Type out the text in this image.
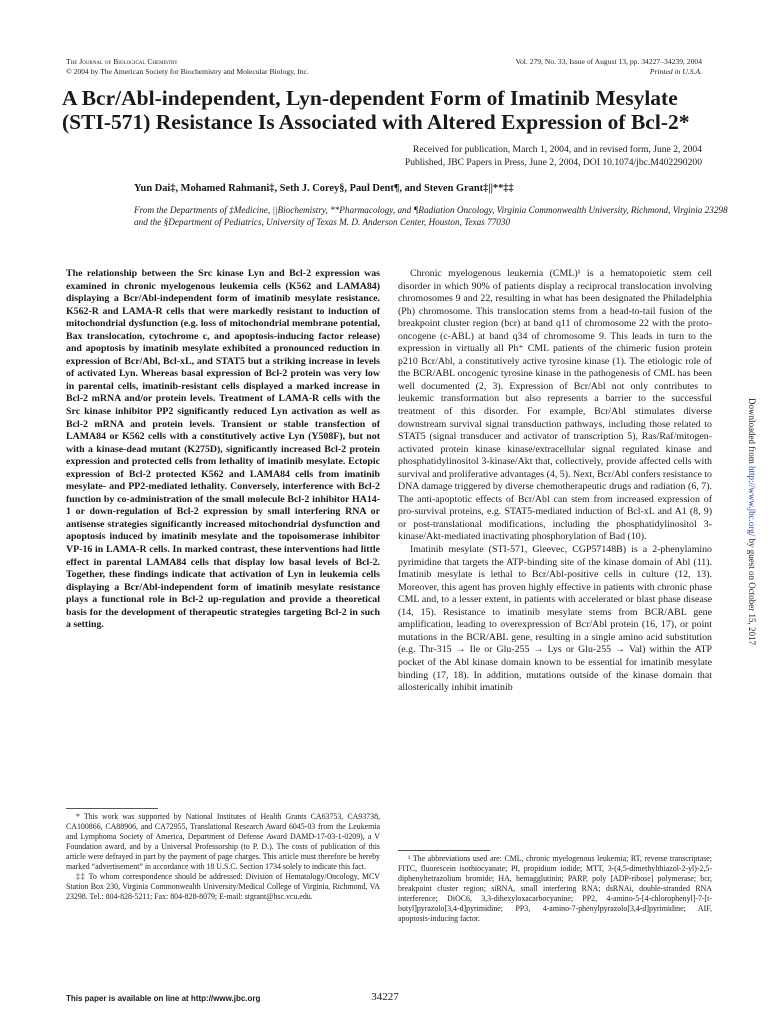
The Journal of Biological Chemistry
© 2004 by The American Society for Biochemistry and Molecular Biology, Inc.
Vol. 279, No. 33, Issue of August 13, pp. 34227–34239, 2004
Printed in U.S.A.
A Bcr/Abl-independent, Lyn-dependent Form of Imatinib Mesylate (STI-571) Resistance Is Associated with Altered Expression of Bcl-2*
Received for publication, March 1, 2004, and in revised form, June 2, 2004
Published, JBC Papers in Press, June 2, 2004, DOI 10.1074/jbc.M402290200
Yun Dai‡, Mohamed Rahmani‡, Seth J. Corey§, Paul Dent¶, and Steven Grant‡||**‡‡
From the Departments of ‡Medicine, ||Biochemistry, **Pharmacology, and ¶Radiation Oncology, Virginia Commonwealth University, Richmond, Virginia 23298 and the §Department of Pediatrics, University of Texas M. D. Anderson Center, Houston, Texas 77030

The relationship between the Src kinase Lyn and Bcl-2 expression was examined in chronic myelogenous leukemia cells (K562 and LAMA84) displaying a Bcr/Abl-independent form of imatinib mesylate resistance. K562-R and LAMA-R cells that were markedly resistant to induction of mitochondrial dysfunction (e.g. loss of mitochondrial membrane potential, Bax translocation, cytochrome c, and apoptosis-inducing factor release) and apoptosis by imatinib mesylate exhibited a pronounced reduction in expression of Bcr/Abl, Bcl-xL, and STAT5 but a striking increase in levels of activated Lyn. Whereas basal expression of Bcl-2 protein was very low in parental cells, imatinib-resistant cells displayed a marked increase in Bcl-2 mRNA and/or protein levels. Treatment of LAMA-R cells with the Src kinase inhibitor PP2 significantly reduced Lyn activation as well as Bcl-2 mRNA and protein levels. Transient or stable transfection of LAMA84 or K562 cells with a constitutively active Lyn (Y508F), but not with a kinase-dead mutant (K275D), significantly increased Bcl-2 protein expression and protected cells from lethality of imatinib mesylate. Ectopic expression of Bcl-2 protected K562 and LAMA84 cells from imatinib mesylate- and PP2-mediated lethality. Conversely, interference with Bcl-2 function by co-administration of the small molecule Bcl-2 inhibitor HA14-1 or down-regulation of Bcl-2 expression by small interfering RNA or antisense strategies significantly increased mitochondrial dysfunction and apoptosis induced by imatinib mesylate and the topoisomerase inhibitor VP-16 in LAMA-R cells. In marked contrast, these interventions had little effect in parental LAMA84 cells that display low basal levels of Bcl-2. Together, these findings indicate that activation of Lyn in leukemia cells displaying a Bcr/Abl-independent form of imatinib mesylate resistance plays a functional role in Bcl-2 up-regulation and provide a theoretical basis for the development of therapeutic strategies targeting Bcl-2 in such a setting.

* This work was supported by National Institutes of Health Grants CA63753, CA93738, CA100866, CA88906, and CA72955, Translational Research Award 6045-03 from the Leukemia and Lymphoma Society of America, Department of Defense Award DAMD-17-03-1-0209), a V Foundation award, and by a Universal Professorship (to P. D.). The costs of publication of this article were defrayed in part by the payment of page charges. This article must therefore be hereby marked “advertisement” in accordance with 18 U.S.C. Section 1734 solely to indicate this fact.

‡‡ To whom correspondence should be addressed: Division of Hematology/Oncology, MCV Station Box 230, Virginia Commonwealth University/Medical College of Virginia, Richmond, VA 23298. Tel.: 804-828-5211; Fax: 804-828-8079; E-mail: stgrant@hsc.vcu.edu.

Chronic myelogenous leukemia (CML)¹ is a hematopoietic stem cell disorder in which 90% of patients display a reciprocal translocation involving chromosomes 9 and 22, resulting in what has been designated the Philadelphia (Ph) chromosome. This translocation stems from a head-to-tail fusion of the breakpoint cluster region (bcr) at band q11 of chromosome 22 with the proto-oncogene (c-ABL) at band q34 of chromosome 9. This leads in turn to the expression in virtually all Ph⁺ CML patients of the chimeric fusion protein p210 Bcr/Abl, a constitutively active tyrosine kinase (1). The etiologic role of the BCR/ABL oncogenic tyrosine kinase in the pathogenesis of CML has been well documented (2, 3). Expression of Bcr/Abl not only contributes to leukemic transformation but also represents a barrier to the successful treatment of this disorder. For example, Bcr/Abl stimulates diverse downstream survival signal transduction pathways, including those related to STAT5 (signal transducer and activator of transcription 5), Ras/Raf/mitogen-activated protein kinase kinase/extracellular signal regulated kinase and phosphatidylinositol 3-kinase/Akt that, collectively, provide affected cells with survival and proliferative advantages (4, 5). Next, Bcr/Abl confers resistance to DNA damage triggered by diverse chemotherapeutic drugs and radiation (6, 7). The anti-apoptotic effects of Bcr/Abl can stem from increased expression of pro-survival proteins, e.g. STAT5-mediated induction of Bcl-xL and A1 (8, 9) or post-translational modifications, including the phosphatidylinositol 3-kinase/Akt-mediated inactivating phosphorylation of Bad (10).

Imatinib mesylate (STI-571, Gleevec, CGP57148B) is a 2-phenylamino pyrimidine that targets the ATP-binding site of the kinase domain of Abl (11). Imatinib mesylate is lethal to Bcr/Abl-positive cells in culture (12, 13). Moreover, this agent has proven highly effective in patients with chronic phase CML and, to a lesser extent, in patients with accelerated or blast phase disease (14, 15). Resistance to imatinib mesylate stems from BCR/ABL gene amplification, leading to overexpression of Bcr/Abl protein (16, 17), or point mutations in the BCR/ABL gene, resulting in a single amino acid substitution (e.g. Thr-315 → Ile or Glu-255 → Lys or Glu-255 → Val) within the ATP pocket of the Abl kinase domain known to be essential for imatinib mesylate binding (17, 18). In addition, mutations outside of the kinase domain that allosterically inhibit imatinib

¹ The abbreviations used are: CML, chronic myelogenous leukemia; RT, reverse transcriptase; FITC, fluorescein isothiocyanate; PI, propidium iodide; MTT, 3-(4,5-dimethylthiazol-2-yl)-2,5-diphenyltetrazolium bromide; HA, hemagglutinin; PARP, poly [ADP-ribose] polymerase; bcr, breakpoint cluster region; siRNA, small interfering RNA; dsRNAi, double-stranded RNA interference; DiOC6, 3,3-dihexyloxacarbocyanine; PP2, 4-amino-5-[4-chlorophenyl]-7-[t-butyl]pyrazolo[3,4-d]pyrimidine; PP3, 4-amino-7-phenylpyrazolo[3,4-d]pyrimidine; AIF, apoptosis-inducing factor.

Downloaded from http://www.jbc.org/ by guest on October 15, 2017
This paper is available on line at http://www.jbc.org	34227
